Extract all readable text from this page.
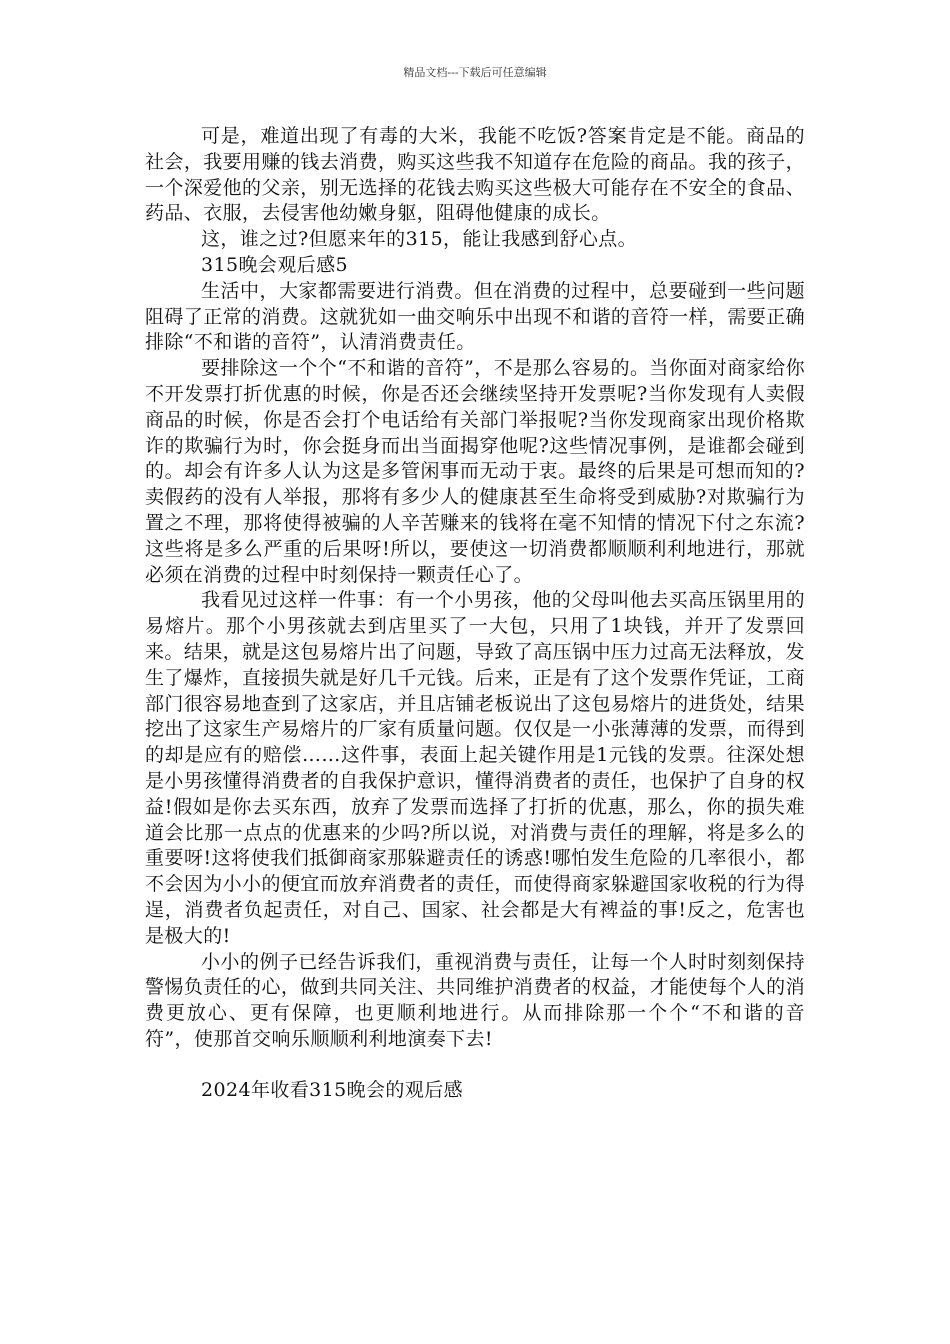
精品文档---下载后可任意编辑

可是，难道出现了有毒的大米，我能不吃饭?答案肯定是不能。商品的社会，我要用赚的钱去消费，购买这些我不知道存在危险的商品。我的孩子，一个深爱他的父亲，别无选择的花钱去购买这些极大可能存在不安全的食品、药品、衣服，去侵害他幼嫩身躯，阻碍他健康的成长。

这，谁之过?但愿来年的315，能让我感到舒心点。

315晚会观后感5

生活中，大家都需要进行消费。但在消费的过程中，总要碰到一些问题阻碍了正常的消费。这就犹如一曲交响乐中出现不和谐的音符一样，需要正确排除“不和谐的音符”，认清消费责任。

要排除这一个个“不和谐的音符”，不是那么容易的。当你面对商家给你不开发票打折优惠的时候，你是否还会继续坚持开发票呢?当你发现有人卖假商品的时候，你是否会打个电话给有关部门举报呢?当你发现商家出现价格欺诈的欺骗行为时，你会挺身而出当面揭穿他呢?这些情况事例，是谁都会碰到的。却会有许多人认为这是多管闲事而无动于衷。最终的后果是可想而知的?卖假药的没有人举报，那将有多少人的健康甚至生命将受到威胁?对欺骗行为置之不理，那将使得被骗的人辛苦赚来的钱将在毫不知情的情况下付之东流?这些将是多么严重的后果呀!所以，要使这一切消费都顺顺利利地进行，那就必须在消费的过程中时刻保持一颗责任心了。

我看见过这样一件事：有一个小男孩，他的父母叫他去买高压锅里用的易熔片。那个小男孩就去到店里买了一大包，只用了1块钱，并开了发票回来。结果，就是这包易熔片出了问题，导致了高压锅中压力过高无法释放，发生了爆炸，直接损失就是好几千元钱。后来，正是有了这个发票作凭证，工商部门很容易地查到了这家店，并且店铺老板说出了这包易熔片的进货处，结果挖出了这家生产易熔片的厂家有质量问题。仅仅是一小张薄薄的发票，而得到的却是应有的赔偿……这件事，表面上起关键作用是1元钱的发票。往深处想是小男孩懂得消费者的自我保护意识，懂得消费者的责任，也保护了自身的权益!假如是你去买东西，放弃了发票而选择了打折的优惠，那么，你的损失难道会比那一点点的优惠来的少吗?所以说，对消费与责任的理解，将是多么的重要呀!这将使我们抵御商家那躲避责任的诱惑!哪怕发生危险的几率很小，都不会因为小小的便宜而放弃消费者的责任，而使得商家躲避国家收税的行为得逞，消费者负起责任，对自己、国家、社会都是大有裨益的事!反之，危害也是极大的!

小小的例子已经告诉我们，重视消费与责任，让每一个人时时刻刻保持警惕负责任的心，做到共同关注、共同维护消费者的权益，才能使每个人的消费更放心、更有保障，也更顺利地进行。从而排除那一个个“不和谐的音符”，使那首交响乐顺顺利利地演奏下去!

2024年收看315晚会的观后感
